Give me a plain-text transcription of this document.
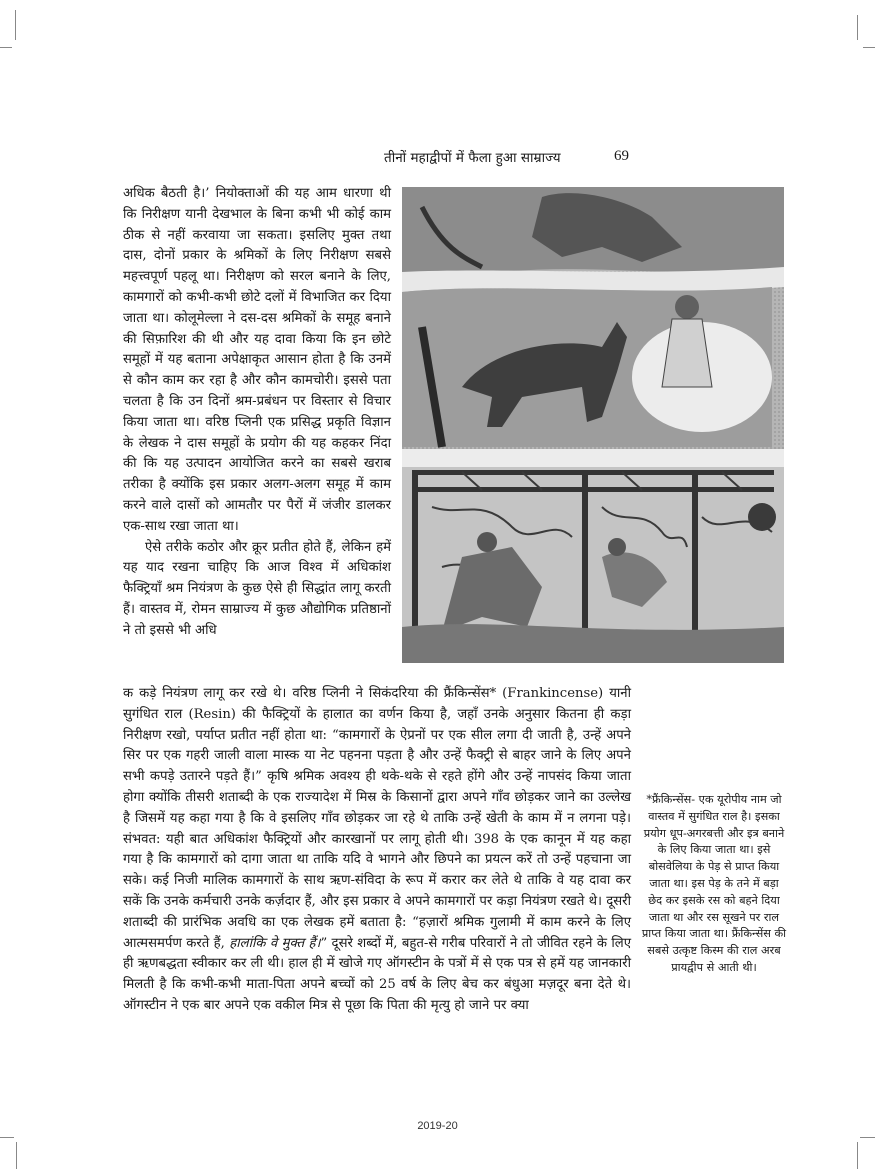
तीनों महाद्वीपों में फैला हुआ साम्राज्य	69

अधिक बैठती है।’ नियोक्ताओं की यह आम धारणा थी कि निरीक्षण यानी देखभाल के बिना कभी भी कोई काम ठीक से नहीं करवाया जा सकता। इसलिए मुक्त तथा दास, दोनों प्रकार के श्रमिकों के लिए निरीक्षण सबसे महत्त्वपूर्ण पहलू था। निरीक्षण को सरल बनाने के लिए, कामगारों को कभी-कभी छोटे दलों में विभाजित कर दिया जाता था। कोलूमेल्ला ने दस-दस श्रमिकों के समूह बनाने की सिफ़ारिश की थी और यह दावा किया कि इन छोटे समूहों में यह बताना अपेक्षाकृत आसान होता है कि उनमें से कौन काम कर रहा है और कौन कामचोरी। इससे पता चलता है कि उन दिनों श्रम-प्रबंधन पर विस्तार से विचार किया जाता था। वरिष्ठ प्लिनी एक प्रसिद्ध प्रकृति विज्ञान के लेखक ने दास समूहों के प्रयोग की यह कहकर निंदा की कि यह उत्पादन आयोजित करने का सबसे खराब तरीका है क्योंकि इस प्रकार अलग-अलग समूह में काम करने वाले दासों को आमतौर पर पैरों में जंजीर डालकर एक-साथ रखा जाता था।

ऐसे तरीके कठोर और क्रूर प्रतीत होते हैं, लेकिन हमें यह याद रखना चाहिए कि आज विश्व में अधिकांश फैक्ट्रियाँ श्रम नियंत्रण के कुछ ऐसे ही सिद्धांत लागू करती हैं। वास्तव में, रोमन साम्राज्य में कुछ औद्योगिक प्रतिष्ठानों ने तो इससे भी अधि

क कड़े नियंत्रण लागू कर रखे थे। वरिष्ठ प्लिनी ने सिकंदरिया की फ्रैंकिन्सेंस* (Frankincense) यानी सुगंधित राल (Resin) की फैक्ट्रियों के हालात का वर्णन किया है, जहाँ उनके अनुसार कितना ही कड़ा निरीक्षण रखो, पर्याप्त प्रतीत नहीं होता था: “कामगारों के ऐप्रनों पर एक सील लगा दी जाती है, उन्हें अपने सिर पर एक गहरी जाली वाला मास्क या नेट पहनना पड़ता है और उन्हें फैक्ट्री से बाहर जाने के लिए अपने सभी कपड़े उतारने पड़ते हैं।” कृषि श्रमिक अवश्य ही थके-थके से रहते होंगे और उन्हें नापसंद किया जाता होगा क्योंकि तीसरी शताब्दी के एक राज्यादेश में मिस्र के किसानों द्वारा अपने गाँव छोड़कर जाने का उल्लेख है जिसमें यह कहा गया है कि वे इसलिए गाँव छोड़कर जा रहे थे ताकि उन्हें खेती के काम में न लगना पड़े। संभवत: यही बात अधिकांश फैक्ट्रियों और कारखानों पर लागू होती थी। 398 के एक कानून में यह कहा गया है कि कामगारों को दागा जाता था ताकि यदि वे भागने और छिपने का प्रयत्न करें तो उन्हें पहचाना जा सके। कई निजी मालिक कामगारों के साथ ऋण-संविदा के रूप में करार कर लेते थे ताकि वे यह दावा कर सकें कि उनके कर्मचारी उनके कर्ज़दार हैं, और इस प्रकार वे अपने कामगारों पर कड़ा नियंत्रण रखते थे। दूसरी शताब्दी की प्रारंभिक अवधि का एक लेखक हमें बताता है: “हज़ारों श्रमिक गुलामी में काम करने के लिए आत्मसमर्पण करते हैं, हालांकि वे मुक्त हैं।” दूसरे शब्दों में, बहुत-से गरीब परिवारों ने तो जीवित रहने के लिए ही ऋणबद्धता स्वीकार कर ली थी। हाल ही में खोजे गए ऑगस्टीन के पत्रों में से एक पत्र से हमें यह जानकारी मिलती है कि कभी-कभी माता-पिता अपने बच्चों को 25 वर्ष के लिए बेच कर बंधुआ मज़दूर बना देते थे। ऑगस्टीन ने एक बार अपने एक वकील मित्र से पूछा कि पिता की मृत्यु हो जाने पर क्या

*फ्रैंकिन्सेंस- एक यूरोपीय नाम जो वास्तव में सुगंधित राल है। इसका प्रयोग धूप-अगरबत्ती और इत्र बनाने के लिए किया जाता था। इसे बोसवेलिया के पेड़ से प्राप्त किया जाता था। इस पेड़ के तने में बड़ा छेद कर इसके रस को बहने दिया जाता था और रस सूखने पर राल प्राप्त किया जाता था। फ्रैंकिन्सेंस की सबसे उत्कृष्ट किस्म की राल अरब प्रायद्वीप से आती थी।
2019-20
